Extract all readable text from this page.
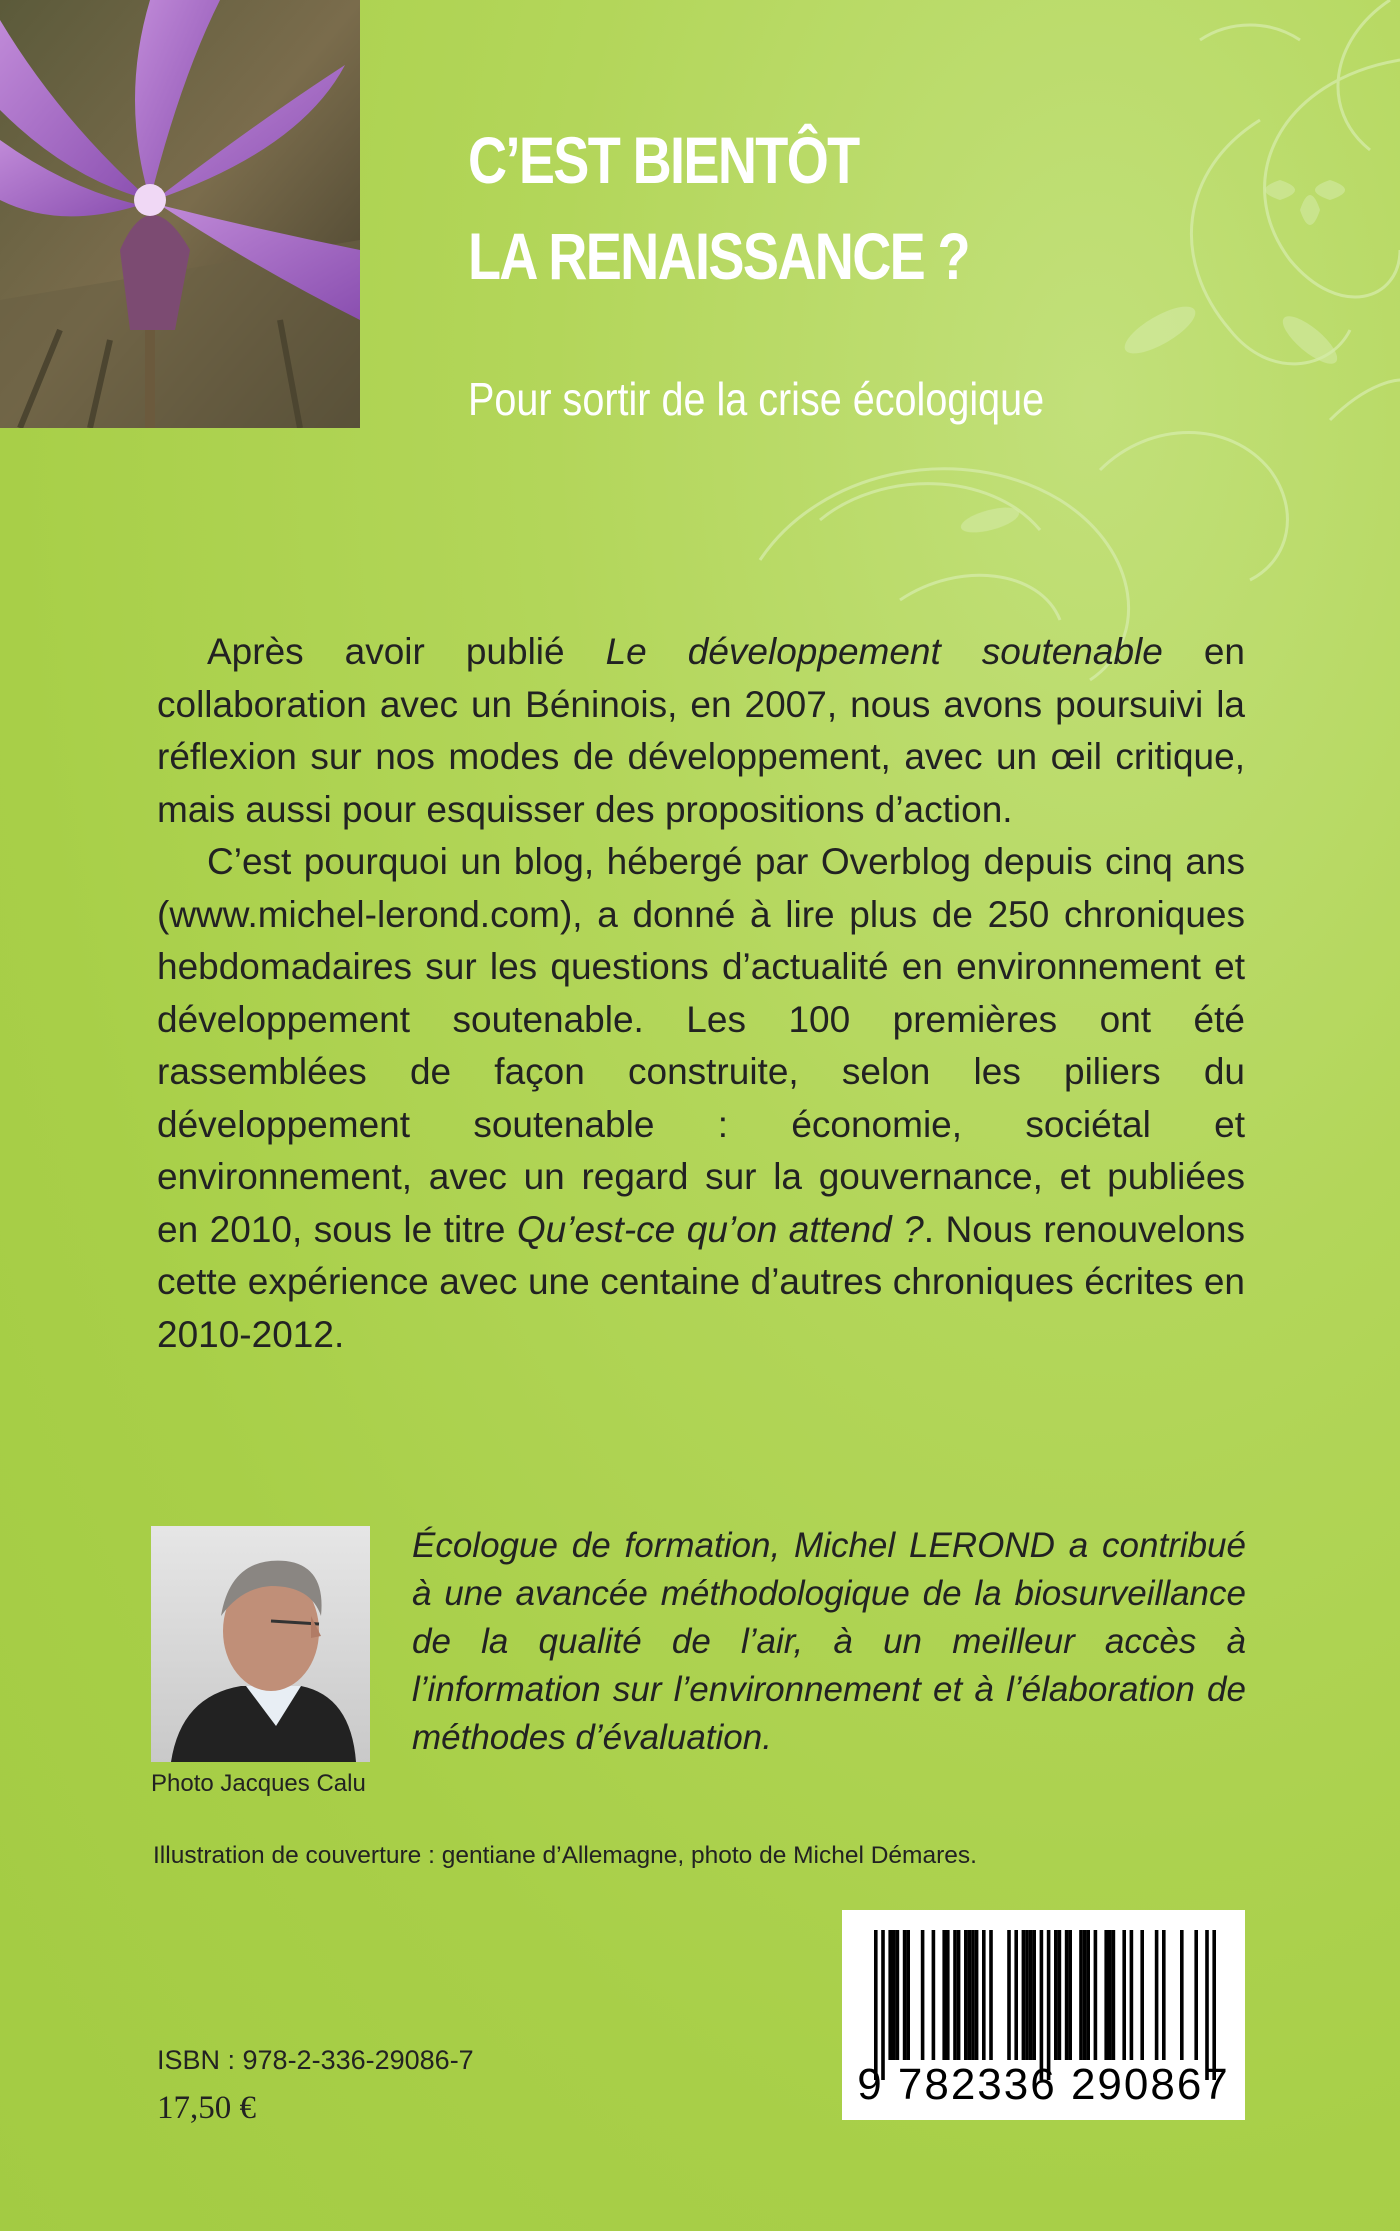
C’EST BIENTÔT
LA RENAISSANCE ?
Pour sortir de la crise écologique

Après avoir publié Le développement soutenable en collaboration avec un Béninois, en 2007, nous avons poursuivi la réflexion sur nos modes de développement, avec un œil critique, mais aussi pour esquisser des propositions d’action.

C’est pourquoi un blog, hébergé par Overblog depuis cinq ans (www.michel-lerond.com), a donné à lire plus de 250 chroniques hebdomadaires sur les questions d’actualité en environnement et développement soutenable. Les 100 premières ont été rassemblées de façon construite, selon les piliers du développement soutenable : économie, sociétal et environnement, avec un regard sur la gouvernance, et publiées en 2010, sous le titre Qu’est-ce qu’on attend ?. Nous renouvelons cette expérience avec une centaine d’autres chroniques écrites en 2010-2012.

Photo Jacques Calu

Écologue de formation, Michel LEROND a contribué à une avancée méthodologique de la biosurveillance de la qualité de l’air, à un meilleur accès à l’information sur l’environnement et à l’élaboration de méthodes d’évaluation.

Illustration de couverture : gentiane d’Allemagne, photo de Michel Démares.
ISBN : 978-2-336-29086-7
17,50 €	9 782336 290867
